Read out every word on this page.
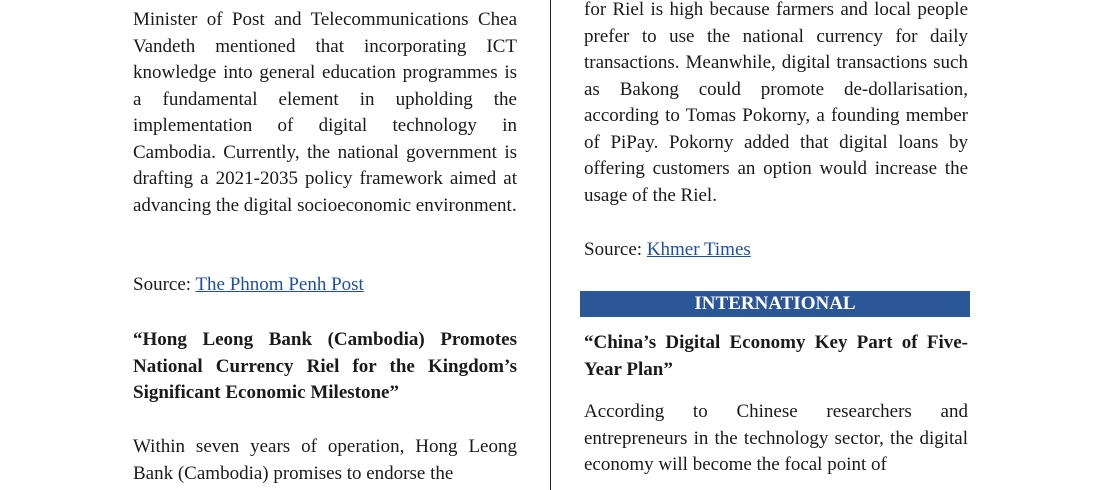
Minister of Post and Telecommunications Chea Vandeth mentioned that incorporating ICT knowledge into general education programmes is a fundamental element in upholding the implementation of digital technology in Cambodia. Currently, the national government is drafting a 2021-2035 policy framework aimed at advancing the digital socioeconomic environment.

Source: The Phnom Penh Post

“Hong Leong Bank (Cambodia) Promotes National Currency Riel for the Kingdom’s Significant Economic Milestone”

Within seven years of operation, Hong Leong Bank (Cambodia) promises to endorse the

for Riel is high because farmers and local people prefer to use the national currency for daily transactions. Meanwhile, digital transactions such as Bakong could promote de-dollarisation, according to Tomas Pokorny, a founding member of PiPay. Pokorny added that digital loans by offering customers an option would increase the usage of the Riel.

Source: Khmer Times

“China’s Digital Economy Key Part of Five-Year Plan”

According to Chinese researchers and entrepreneurs in the technology sector, the digital economy will become the focal point of

INTERNATIONAL
